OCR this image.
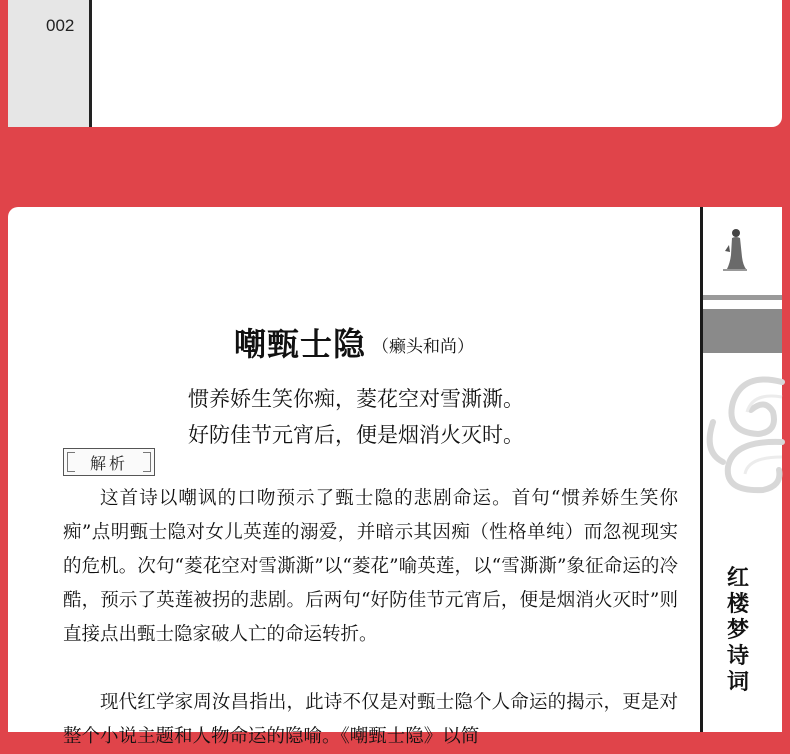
002
嘲甄士隐 （癞头和尚）
惯养娇生笑你痴，菱花空对雪澌澌。
好防佳节元宵后，便是烟消火灭时。
解析

这首诗以嘲讽的口吻预示了甄士隐的悲剧命运。首句“惯养娇生笑你痴”点明甄士隐对女儿英莲的溺爱，并暗示其因痴（性格单纯）而忽视现实的危机。次句“菱花空对雪澌澌”以“菱花”喻英莲，以“雪澌澌”象征命运的冷酷，预示了英莲被拐的悲剧。后两句“好防佳节元宵后，便是烟消火灭时”则直接点出甄士隐家破人亡的命运转折。

现代红学家周汝昌指出，此诗不仅是对甄士隐个人命运的揭示，更是对整个小说主题和人物命运的隐喻。《嘲甄士隐》以简

红
楼
梦
诗
词
